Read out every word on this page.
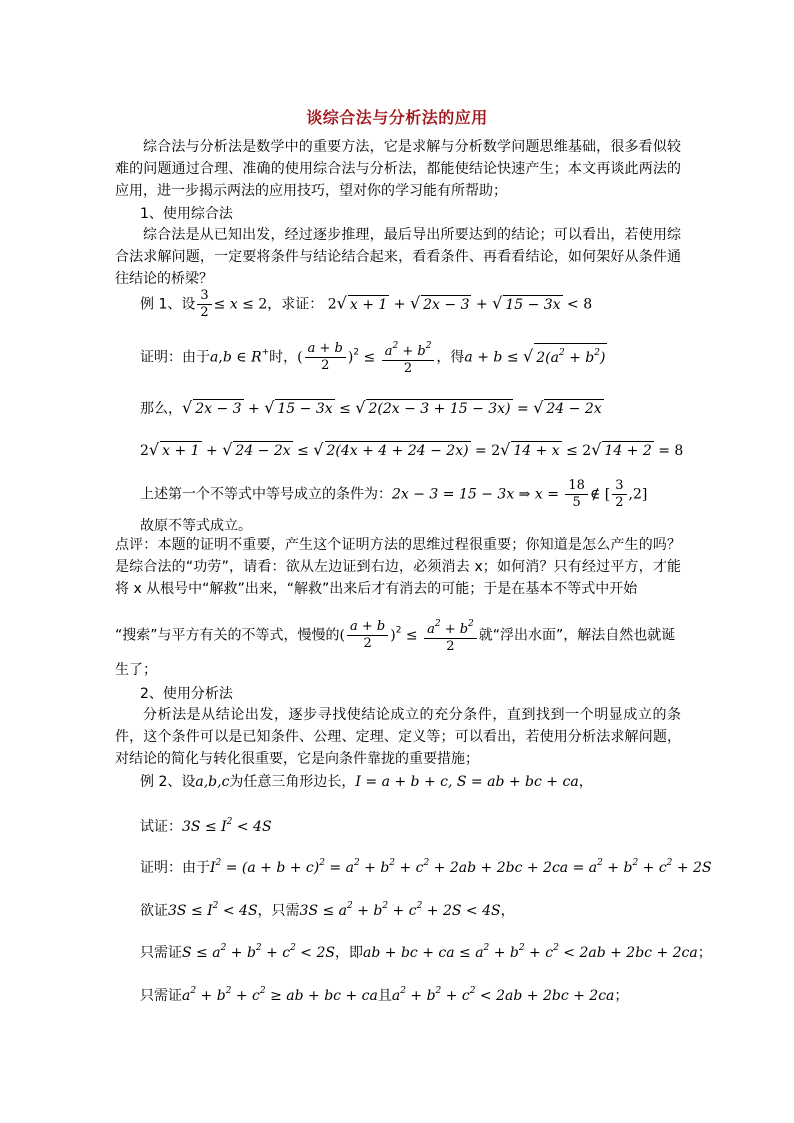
谈综合法与分析法的应用
综合法与分析法是数学中的重要方法，它是求解与分析数学问题思维基础，很多看似较难的问题通过合理、准确的使用综合法与分析法，都能使结论快速产生；本文再谈此两法的应用，进一步揭示两法的应用技巧，望对你的学习能有所帮助；
1、使用综合法
综合法是从已知出发，经过逐步推理，最后导出所要达到的结论；可以看出，若使用综合法求解问题，一定要将条件与结论结合起来，看看条件、再看看结论，如何架好从条件通往结论的桥梁？
例 1、设 $\frac{3}{2} \le x \le 2$，求证： 2√ x + 1 + √ 2x − 3 + √ 15 − 3x < 8
证明：由于a,b ∈ R+时，( $\frac{a + b}{2} )^2 \le \frac{a^2 + b^2}{2}$ ，得a + b ≤ √ $2(a^2 + b^2)$
那么，√ 2x − 3 + √ 15 − 3x ≤ √ 2(2x − 3 + 15 − 3x) = √ 24 − 2x
2√ x + 1 + √ 24 − 2x ≤ √ 2(4x + 4 + 24 − 2x) = 2√ 14 + x ≤ 2√ 14 + 2 = 8
上述第一个不等式中等号成立的条件为：2x − 3 = 15 − 3x ⇒ $x = \frac{18}{5}$ ∉ [ $\frac{3}{2} ,2$]
故原不等式成立。
点评：本题的证明不重要，产生这个证明方法的思维过程很重要；你知道是怎么产生的吗？是综合法的“功劳”，请看：欲从左边证到右边，必须消去 x；如何消？只有经过平方，才能将 x 从根号中“解救”出来，“解救”出来后才有消去的可能；于是在基本不等式中开始
“搜索”与平方有关的不等式，慢慢的( $\frac{a + b}{2} )^2 \le \frac{a^2 + b^2}{2}$ 就“浮出水面”，解法自然也就诞
生了；
2、使用分析法
分析法是从结论出发，逐步寻找使结论成立的充分条件，直到找到一个明显成立的条件，这个条件可以是已知条件、公理、定理、定义等；可以看出，若使用分析法求解问题，对结论的简化与转化很重要，它是向条件靠拢的重要措施；
例 2、设a,b,c为任意三角形边长，I = a + b + c, S = ab + bc + ca，
试证：$3S \le I^2 < 4S$
证明：由于$I^2 = (a + b + c)^2 = a^2 + b^2 + c^2 + 2ab + 2bc + 2ca = a^2 + b^2 + c^2 + 2S$
欲证$3S \le I^2 < 4S$，只需$3S \le a^2 + b^2 + c^2 + 2S < 4S$，
只需证$S \le a^2 + b^2 + c^2 < 2S$，即ab + bc + ca ≤ $a^2 + b^2 + c^2 < 2ab + 2bc + 2ca$；
只需证$a^2 + b^2 + c^2$ ≥ ab + bc + ca且$a^2 + b^2 + c^2 < 2ab + 2bc + 2ca$；
